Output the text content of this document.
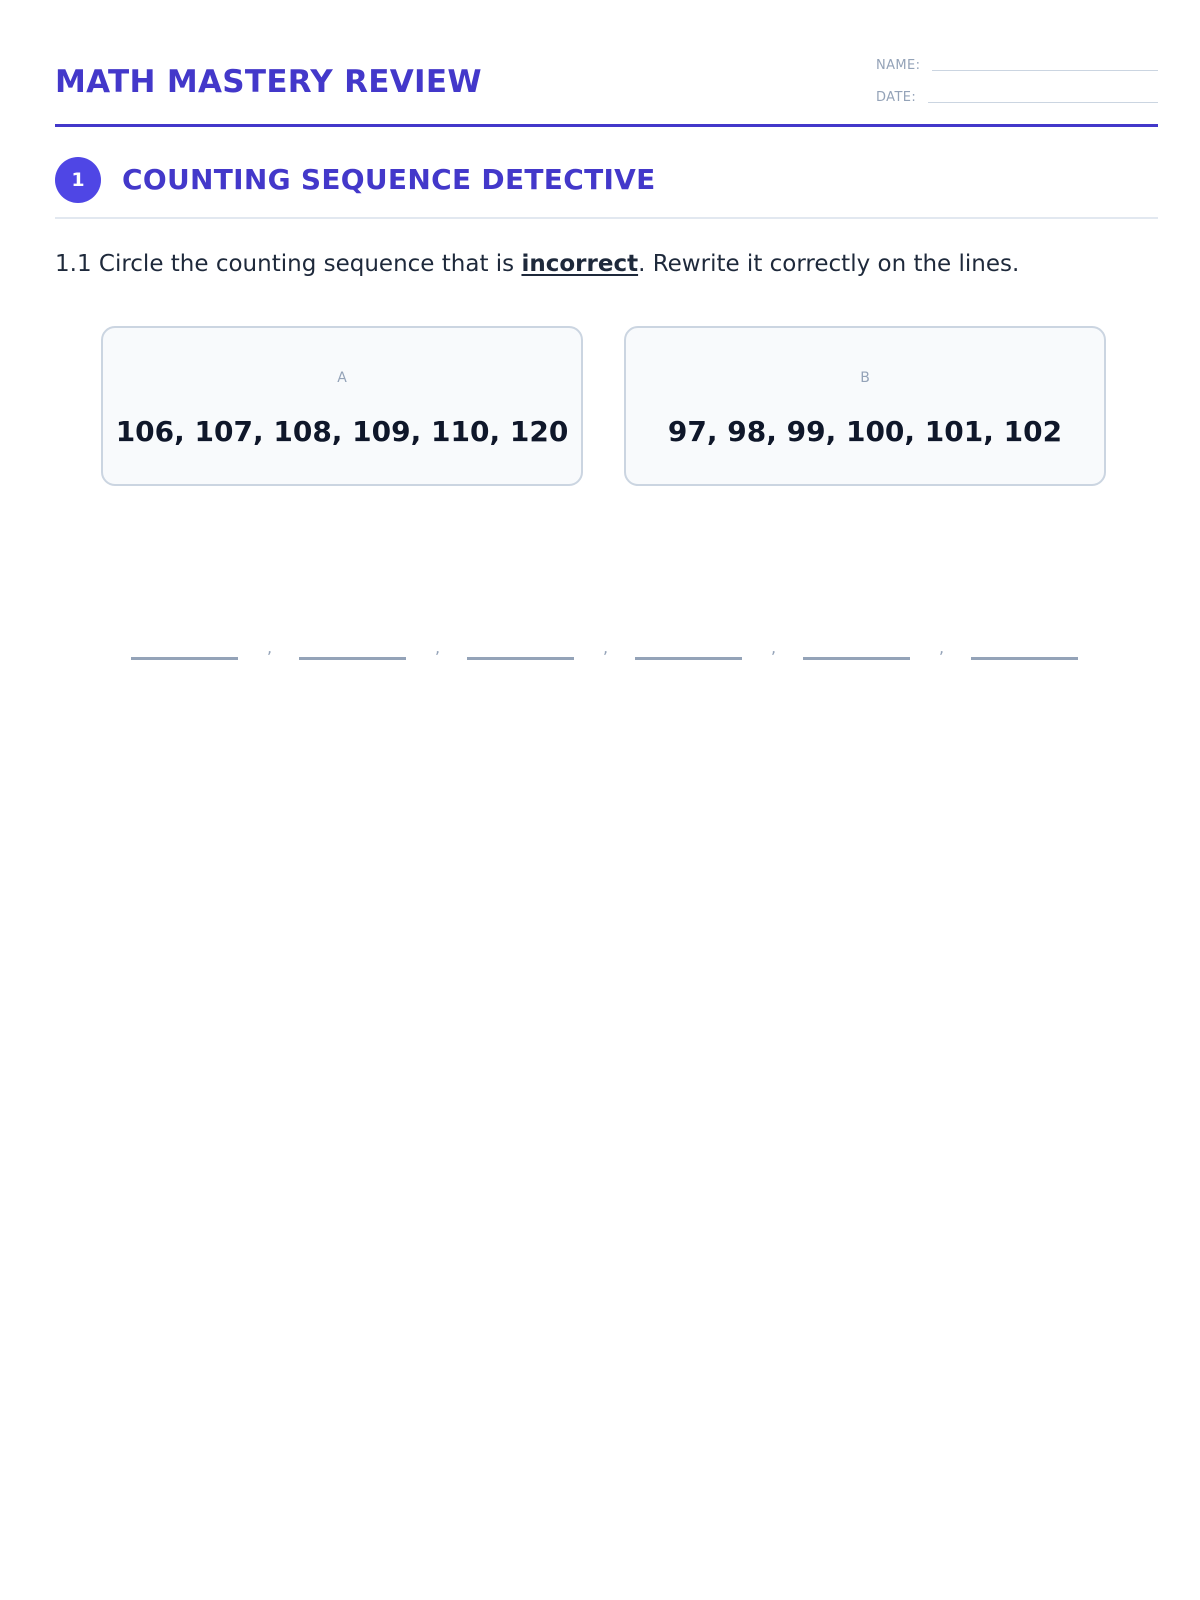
MATH MASTERY REVIEW	NAME:
DATE:
1	COUNTING SEQUENCE DETECTIVE
1.1 Circle the counting sequence that is incorrect. Rewrite it correctly on the lines.
A
106, 107, 108, 109, 110, 120
B
97, 98, 99, 100, 101, 102
,	,	,	,	,
